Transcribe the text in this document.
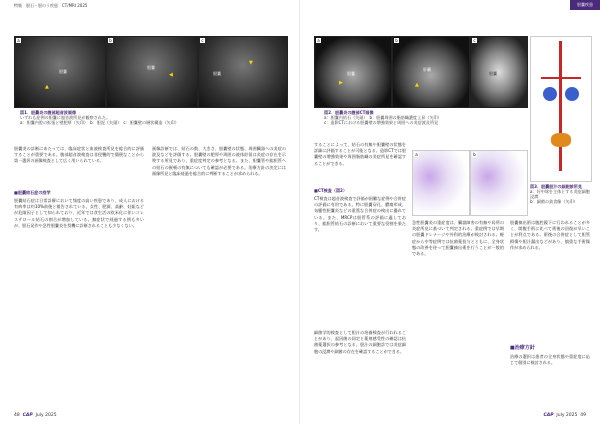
特集　胆石・胆のう疾患　CT/MRI 2025
a
胆嚢
▲
b
胆嚢
◀
c
胆嚢
▼
図1．胆嚢炎の腹部超音波画像
いずれも症例の胆嚢に超音波所見が観察された。
a：胆嚢内腔の拡張と壁肥厚（矢印）　b：胆泥（矢頭）　c：胆嚢壁の層状構造（矢印）
胆嚢炎の診断にあたっては、臨床症状と血液検査所見を総合的に評価することが重要である。腹部超音波検査は非侵襲的で簡便なことから第一選択の画像検査として広く用いられている。
■胆嚢結石症の疫学
胆嚢結石症は日常診療において頻度の高い疾患であり、成人における有病率は約10%前後と報告されている。女性、肥満、高齢、妊娠などが危険因子として知られており、近年では食生活の欧米化に伴いコレステロール結石の割合が増加している。無症状で経過する例も多いが、胆石発作や急性胆嚢炎を契機に診断されることも少なくない。
画像診断では、結石の数、大きさ、胆嚢壁の状態、周囲臓器への炎症の波及などを評価する。胆嚢壁の肥厚や周囲の液体貯留は炎症の存在を示唆する所見であり、重症度判定の参考となる。また、胆嚢管や総胆管への結石の嵌頓の有無についても確認が必要である。治療方針の決定には画像所見と臨床経過を総合的に判断することが求められる。
48 CAP July 2025
胆嚢疾患
a
胆嚢
▶
b
肝臓
▲
c
胆嚢
図2．胆嚢炎の腹部CT画像
a：胆嚢内結石（矢頭）　b：胆嚢周囲の脂肪織濃度上昇（矢印）
c：造影CTにおける胆嚢壁の増強効果と周囲への炎症波及所見
a	b
図3．胆嚢胆汁の細胞診所見
a：好中球を主体とする炎症細胞浸潤
b：細菌の貪食像（矢印）
することによって、結石の有無や胆嚢壁の状態を詳細に評価することが可能となる。造影CTでは胆嚢壁の増強効果や周囲脂肪織の炎症所見を確認することができる。
■CT検査（図2）
CT検査は超音波検査で評価が困難な症例や合併症の評価に有用である。特に胆嚢穿孔、膿瘍形成、気腫性胆嚢炎などの重篤な合併症の検出に優れている。また、MRCPは胆管系の評価に適しており、総胆管結石の診断において重要な役割を果たす。
細菌学的検査として胆汁の培養検査が行われることがあり、起因菌の同定と薬剤感受性の確認は抗菌薬選択の参考となる。胆汁の細胞診では炎症細胞の浸潤や細菌の存在を確認することができる。
急性胆嚢炎の重症度は、臓器障害の有無や局所の炎症所見に基づいて判定される。重症例では早期の胆嚢ドレナージや外科的治療が検討される。軽症から中等症例では抗菌薬投与とともに、全身状態の改善を待って胆嚢摘出術を行うことが一般的である。
胆嚢摘出術は腹腔鏡下に行われることが多く、開腹手術に比べて術後の回復が早いことが利点である。術後の合併症として胆管損傷や胆汁漏出などがあり、慎重な手術操作が求められる。
■治療方針
治療の選択は患者の全身状態や重症度に応じて個別に検討される。
CAP July 2025 49
